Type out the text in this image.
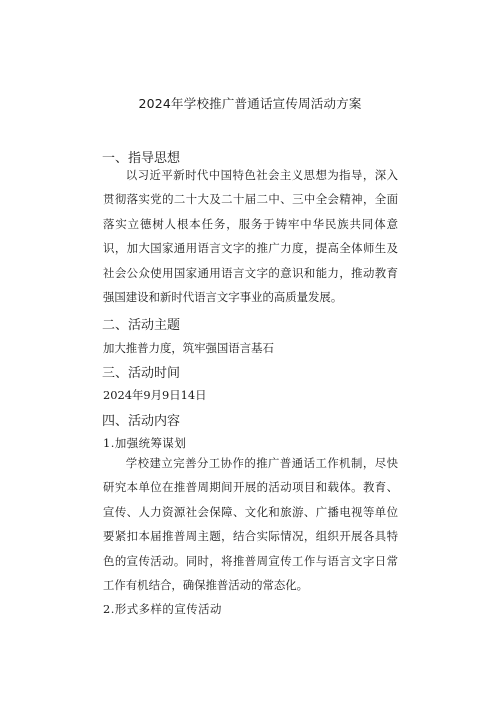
2024年学校推广普通话宣传周活动方案
一、指导思想

以习近平新时代中国特色社会主义思想为指导，深入贯彻落实党的二十大及二十届二中、三中全会精神，全面落实立德树人根本任务，服务于铸牢中华民族共同体意识，加大国家通用语言文字的推广力度，提高全体师生及社会公众使用国家通用语言文字的意识和能力，推动教育强国建设和新时代语言文字事业的高质量发展。

二、活动主题
加大推普力度，筑牢强国语言基石
三、活动时间
2024年9月9日14日
四、活动内容
1.加强统筹谋划

学校建立完善分工协作的推广普通话工作机制，尽快研究本单位在推普周期间开展的活动项目和载体。教育、宣传、人力资源社会保障、文化和旅游、广播电视等单位要紧扣本届推普周主题，结合实际情况，组织开展各具特色的宣传活动。同时，将推普周宣传工作与语言文字日常工作有机结合，确保推普活动的常态化。

2.形式多样的宣传活动
